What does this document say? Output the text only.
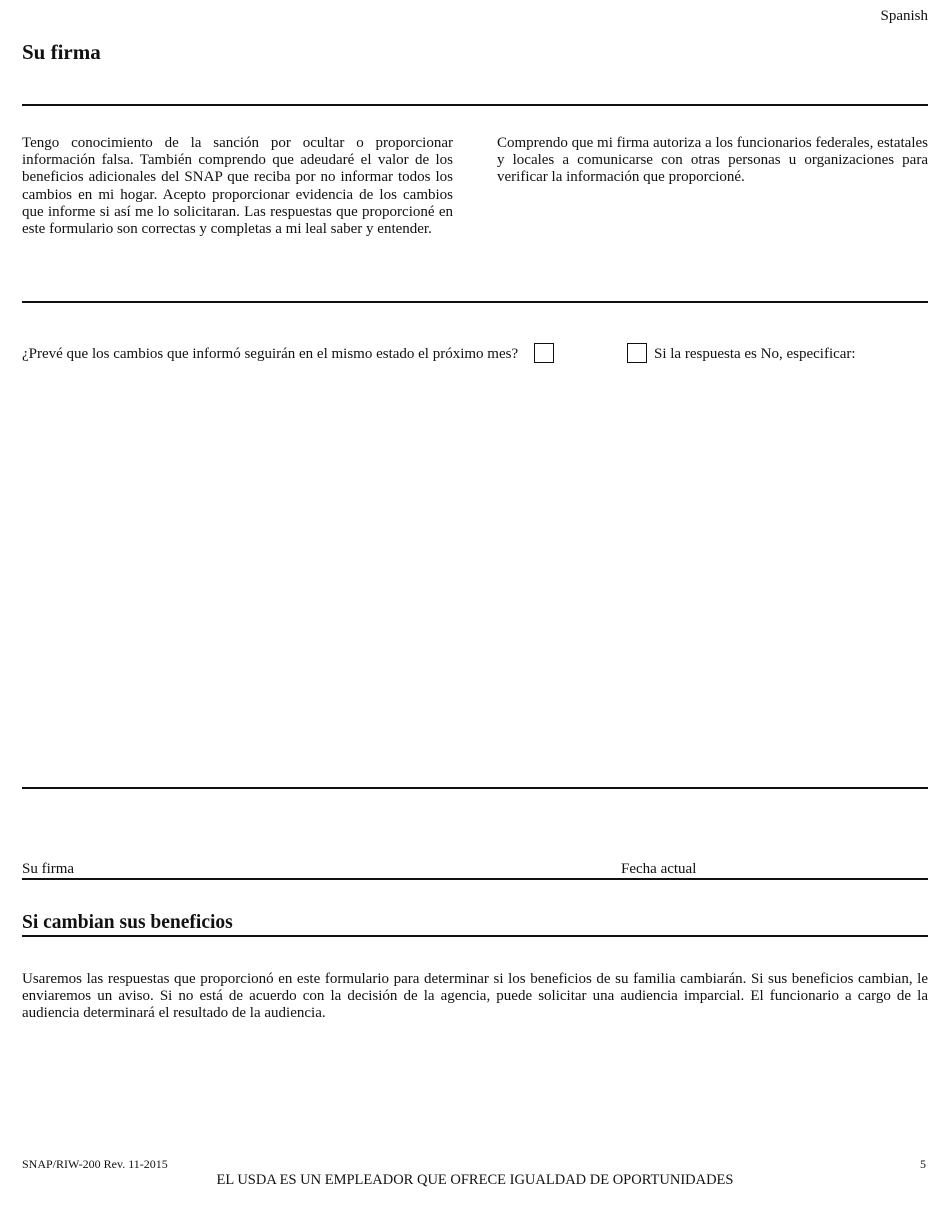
Spanish
Su firma

Tengo conocimiento de la sanción por ocultar o proporcionar información falsa. También comprendo que adeudaré el valor de los beneficios adicionales del SNAP que reciba por no informar todos los cambios en mi hogar. Acepto proporcionar evidencia de los cambios que informe si así me lo solicitaran. Las respuestas que proporcioné en este formulario son correctas y completas a mi leal saber y entender.

Comprendo que mi firma autoriza a los funcionarios federales, estatales y locales a comunicarse con otras personas u organizaciones para verificar la información que proporcioné.

¿Prevé que los cambios que informó seguirán en el mismo estado el próximo mes?	Si la respuesta es No, especificar:
Su firma	Fecha actual
Si cambian sus beneficios

Usaremos las respuestas que proporcionó en este formulario para determinar si los beneficios de su familia cambiarán. Si sus beneficios cambian, le enviaremos un aviso. Si no está de acuerdo con la decisión de la agencia, puede solicitar una audiencia imparcial. El funcionario a cargo de la audiencia determinará el resultado de la audiencia.

SNAP/RIW-200 Rev. 11-2015	5
EL USDA ES UN EMPLEADOR QUE OFRECE IGUALDAD DE OPORTUNIDADES
